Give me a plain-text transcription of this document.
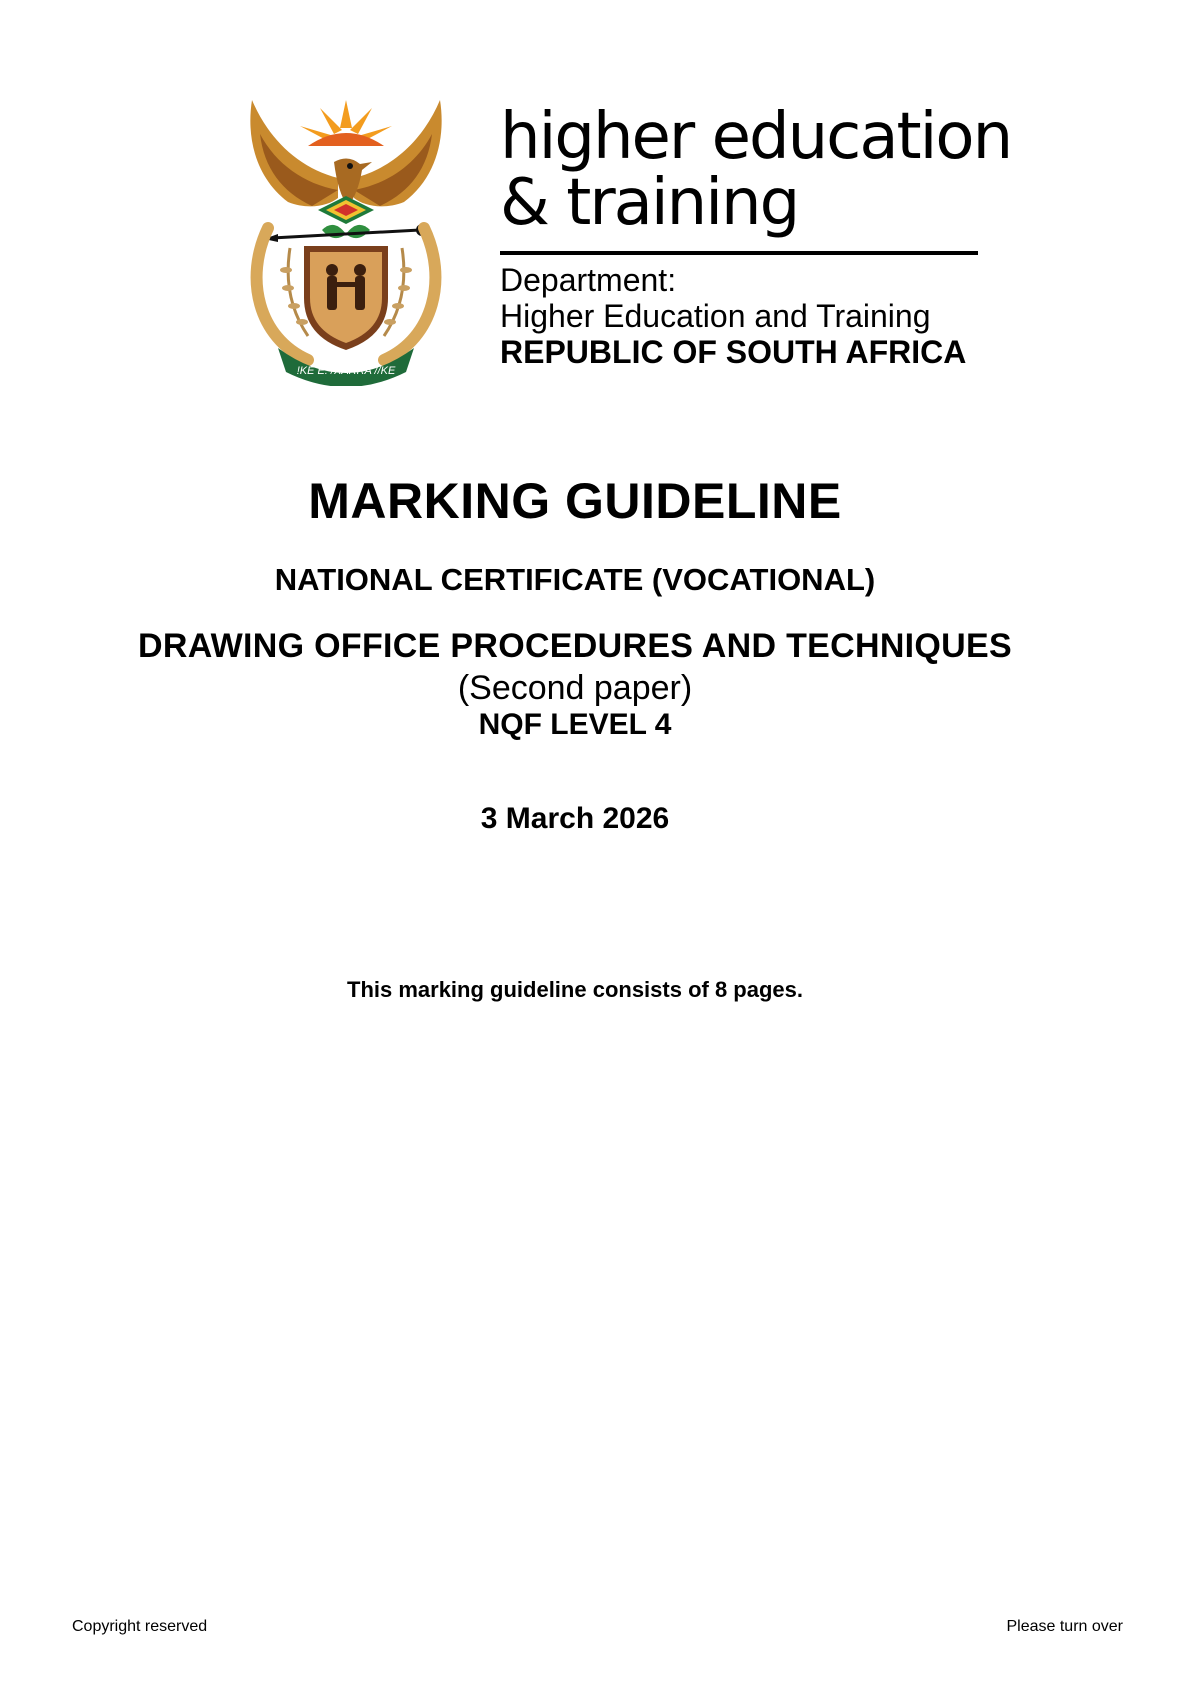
!KE E: /XARRA //KE
higher education
& training
Department:
Higher Education and Training
REPUBLIC OF SOUTH AFRICA
MARKING GUIDELINE
NATIONAL CERTIFICATE (VOCATIONAL)
DRAWING OFFICE PROCEDURES AND TECHNIQUES
(Second paper)
NQF LEVEL 4
3 March 2026
This marking guideline consists of 8 pages.
Copyright reserved	Please turn over
